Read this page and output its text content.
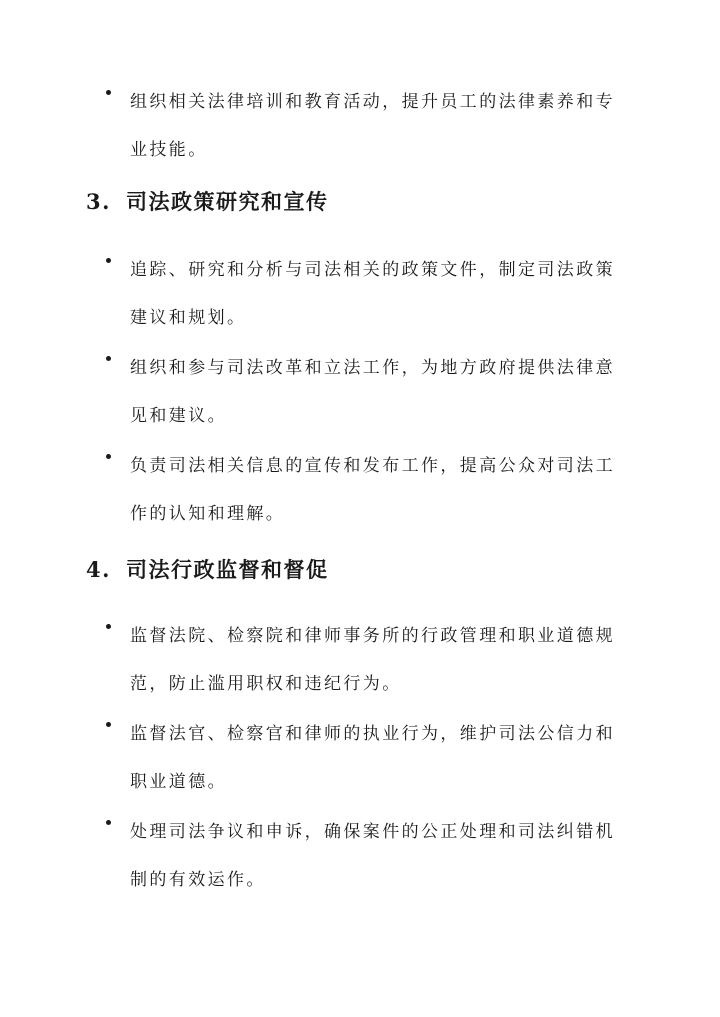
组织相关法律培训和教育活动，提升员工的法律素养和专业技能。
3. 司法政策研究和宣传
追踪、研究和分析与司法相关的政策文件，制定司法政策建议和规划。
组织和参与司法改革和立法工作，为地方政府提供法律意见和建议。
负责司法相关信息的宣传和发布工作，提高公众对司法工作的认知和理解。
4. 司法行政监督和督促
监督法院、检察院和律师事务所的行政管理和职业道德规范，防止滥用职权和违纪行为。
监督法官、检察官和律师的执业行为，维护司法公信力和职业道德。
处理司法争议和申诉，确保案件的公正处理和司法纠错机制的有效运作。
